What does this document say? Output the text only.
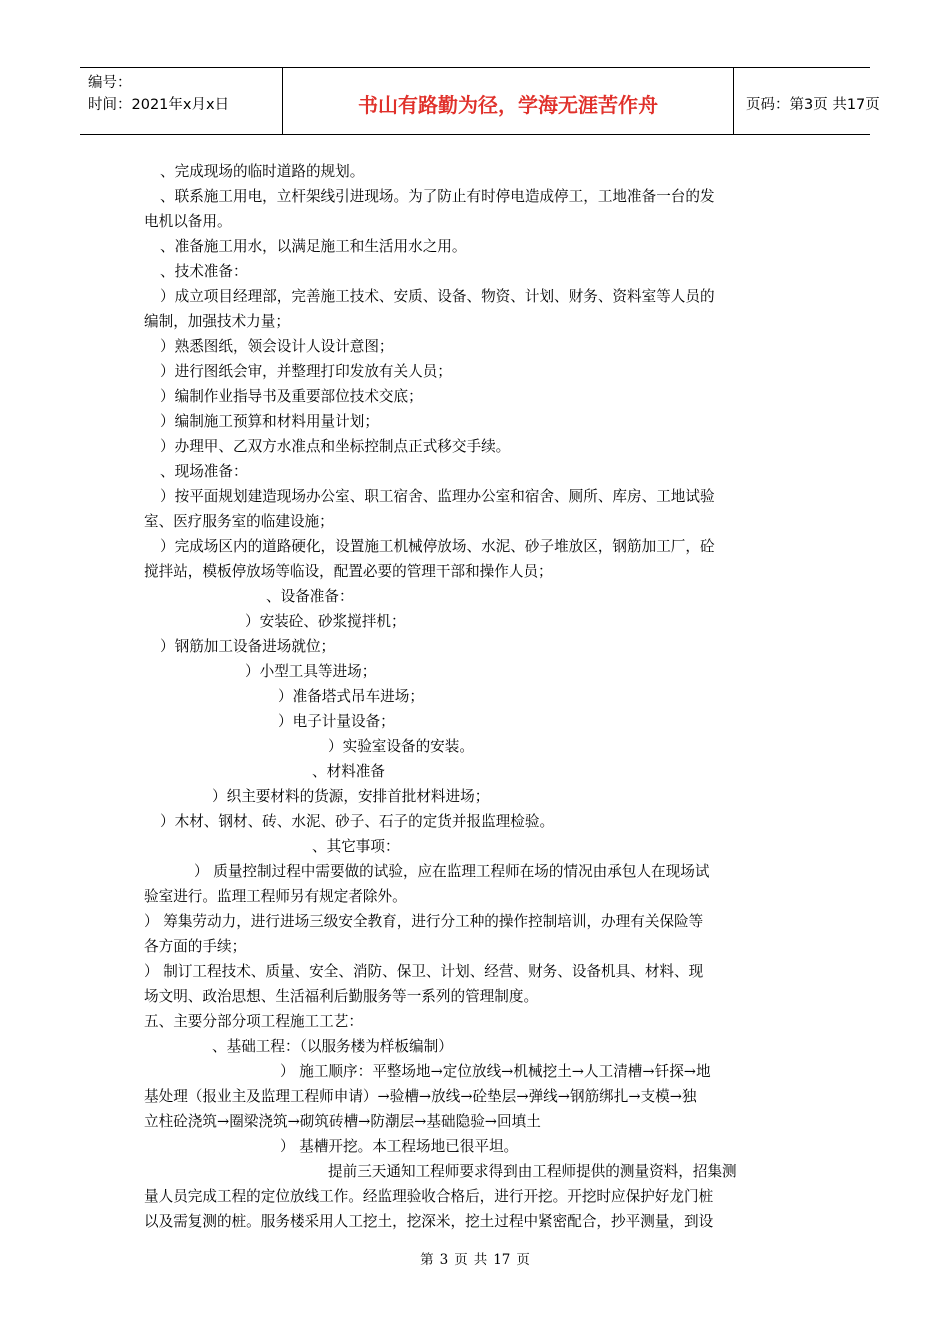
编号：
时间：2021年x月x日	书山有路勤为径，学海无涯苦作舟	页码：第3页 共17页
、完成现场的临时道路的规划。
、联系施工用电，立杆架线引进现场。为了防止有时停电造成停工，工地准备一台的发
电机以备用。
、准备施工用水，以满足施工和生活用水之用。
、技术准备：
）成立项目经理部，完善施工技术、安质、设备、物资、计划、财务、资料室等人员的
编制，加强技术力量；
）熟悉图纸，领会设计人设计意图；
）进行图纸会审，并整理打印发放有关人员；
）编制作业指导书及重要部位技术交底；
）编制施工预算和材料用量计划；
）办理甲、乙双方水准点和坐标控制点正式移交手续。
、现场准备：
）按平面规划建造现场办公室、职工宿舍、监理办公室和宿舍、厕所、库房、工地试验
室、医疗服务室的临建设施；
）完成场区内的道路硬化，设置施工机械停放场、水泥、砂子堆放区，钢筋加工厂，砼
搅拌站，模板停放场等临设，配置必要的管理干部和操作人员；
、设备准备：
）安装砼、砂浆搅拌机；
）钢筋加工设备进场就位；
）小型工具等进场；
）准备塔式吊车进场；
）电子计量设备；
）实验室设备的安装。
、材料准备
）织主要材料的货源，安排首批材料进场；
）木材、钢材、砖、水泥、砂子、石子的定货并报监理检验。
、其它事项：
） 质量控制过程中需要做的试验，应在监理工程师在场的情况由承包人在现场试
验室进行。监理工程师另有规定者除外。
） 筹集劳动力，进行进场三级安全教育，进行分工种的操作控制培训，办理有关保险等
各方面的手续；
） 制订工程技术、质量、安全、消防、保卫、计划、经营、财务、设备机具、材料、现
场文明、政治思想、生活福利后勤服务等一系列的管理制度。
五、主要分部分项工程施工工艺：
、基础工程：（以服务楼为样板编制）
） 施工顺序：平整场地→定位放线→机械挖土→人工清槽→钎探→地
基处理（报业主及监理工程师申请）→验槽→放线→砼垫层→弹线→钢筋绑扎→支模→独
立柱砼浇筑→圈梁浇筑→砌筑砖槽→防潮层→基础隐验→回填土
） 基槽开挖。本工程场地已很平坦。
提前三天通知工程师要求得到由工程师提供的测量资料，招集测
量人员完成工程的定位放线工作。经监理验收合格后，进行开挖。开挖时应保护好龙门桩
以及需复测的桩。服务楼采用人工挖土，挖深米，挖土过程中紧密配合，抄平测量，到设
第 3 页 共 17 页
